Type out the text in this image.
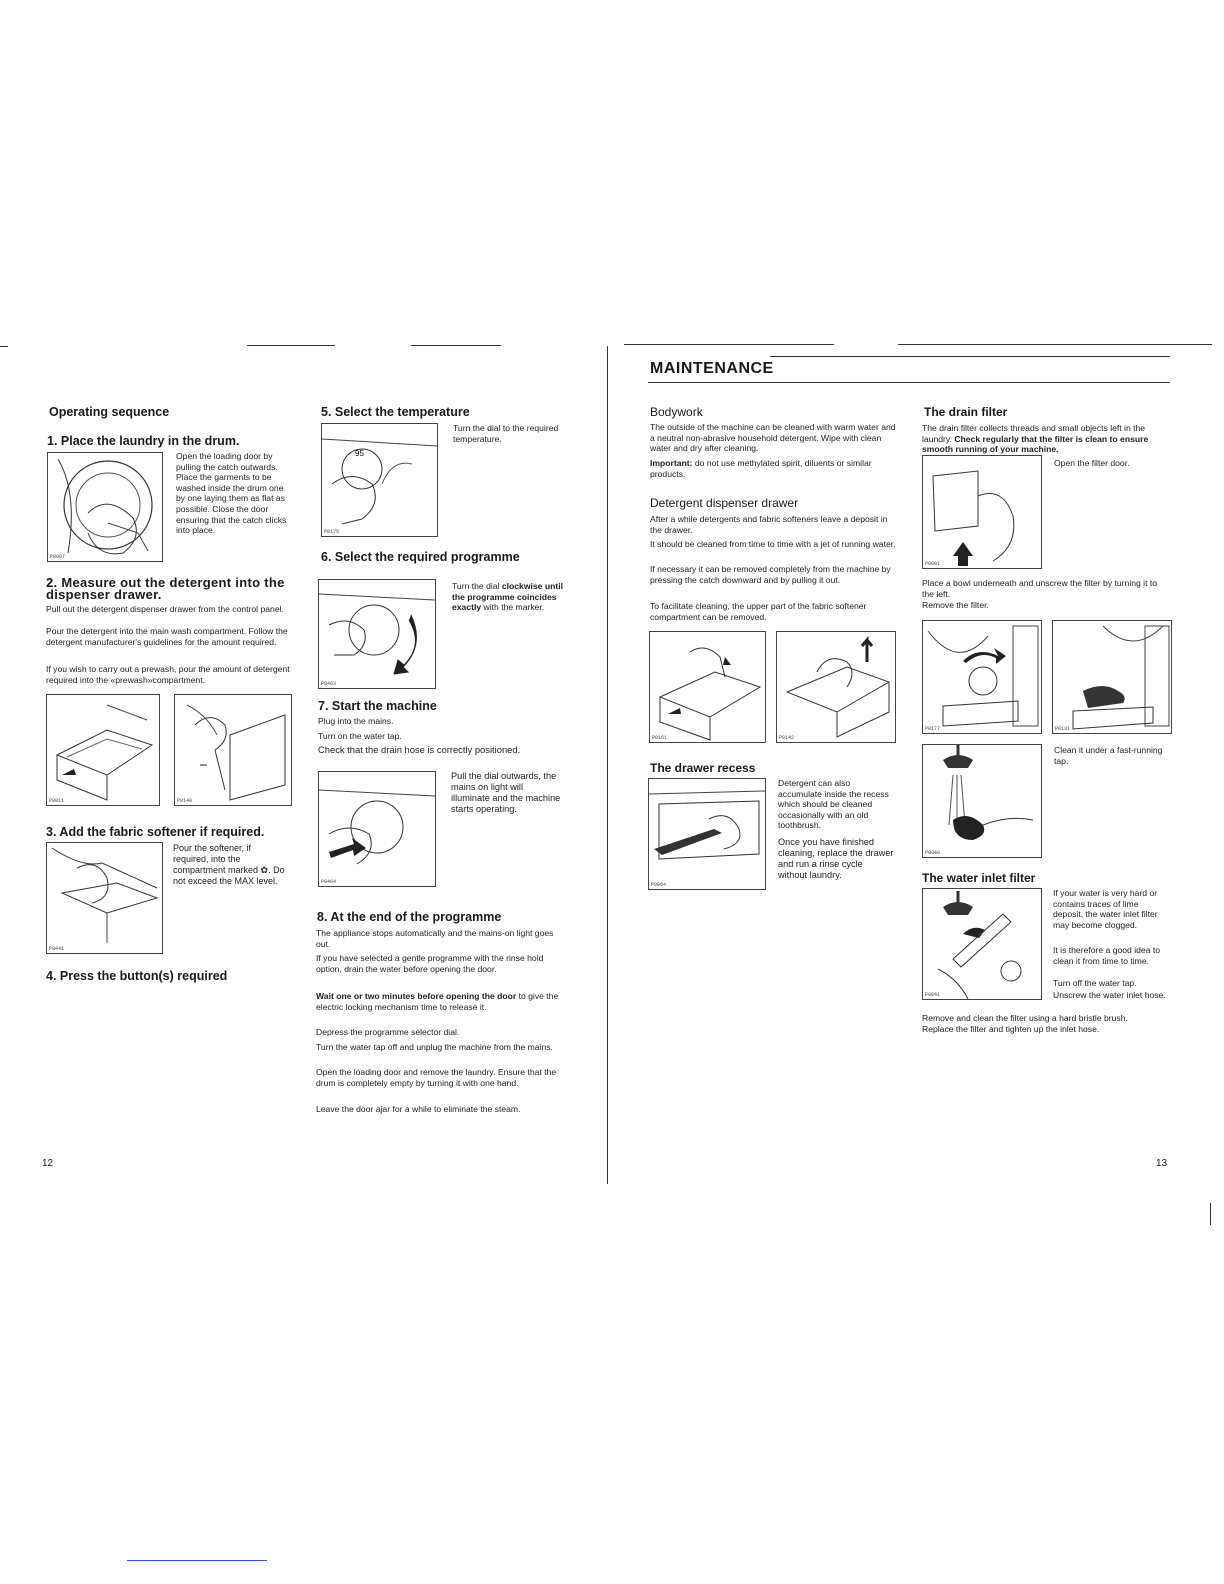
Operating sequence
1. Place the laundry in the drum.
P0007
Open the loading door by pulling the catch outwards. Place the garments to be washed inside the drum one by one laying them as flat as possible. Close the door ensuring that the catch clicks into place.
2. Measure out the detergent into the dispenser drawer.
Pull out the detergent dispenser drawer from the control panel.
Pour the detergent into the main wash compartment. Follow the detergent manufacturer's guidelines for the amount required.
If you wish to carry out a prewash, pour the amount of detergent required into the «prewash»compartment.
P0011	P0140
3. Add the fabric softener if required.
P0441
Pour the softener, if required, into the compartment marked ✿. Do not exceed the MAX level.
4. Press the button(s) required
12
5. Select the temperature
95
P0175
Turn the dial to the required temperature.
6. Select the required programme
P0463
Turn the dial clockwise until the programme coincides exactly with the marker.
7. Start the machine
Plug into the mains.
Turn on the water tap.
Check that the drain hose is correctly positioned.
P0464
Pull the dial outwards, the mains on light will illuminate and the machine starts operating.
8. At the end of the programme
The appliance stops automatically and the mains-on light goes out.
If you have selected a gentle programme with the rinse hold option, drain the water before opening the door.
Wait one or two minutes before opening the door to give the electric locking mechanism time to release it.
Depress the programme selector dial.
Turn the water tap off and unplug the machine from the mains.
Open the loading door and remove the laundry. Ensure that the drum is completely empty by turning it with one hand.
Leave the door ajar for a while to eliminate the steam.
MAINTENANCE
Bodywork
The outside of the machine can be cleaned with warm water and a neutral non-abrasive household detergent. Wipe with clean water and dry after cleaning.
Important: do not use methylated spirit, diluents or similar products.
Detergent dispenser drawer
After a while detergents and fabric softeners leave a deposit in the drawer.
It should be cleaned from time to time with a jet of running water.
If necessary it can be removed completely from the machine by pressing the catch downward and by pulling it out.
To facilitate cleaning, the upper part of the fabric softener compartment can be removed.
P0161	P0142
The drawer recess
P0064
Detergent can also accumulate inside the recess which should be cleaned occasionally with an old toothbrush.
Once you have finished cleaning, replace the drawer and run a rinse cycle without laundry.
The drain filter
The drain filter collects threads and small objects left in the laundry. Check regularly that the filter is clean to ensure smooth running of your machine.
P0001
Open the filter door.
Place a bowl underneath and unscrew the filter by turning it to the left.
Remove the filter.
P0177	P0131
P0048
Clean it under a fast-running tap.
The water inlet filter
P0041
If your water is very hard or contains traces of lime deposit, the water inlet filter may become clogged.
It is therefore a good idea to clean it from time to time.
Turn off the water tap.
Unscrew the water inlet hose.
Remove and clean the filter using a hard bristle brush.
Replace the filter and tighten up the inlet hose.
13
